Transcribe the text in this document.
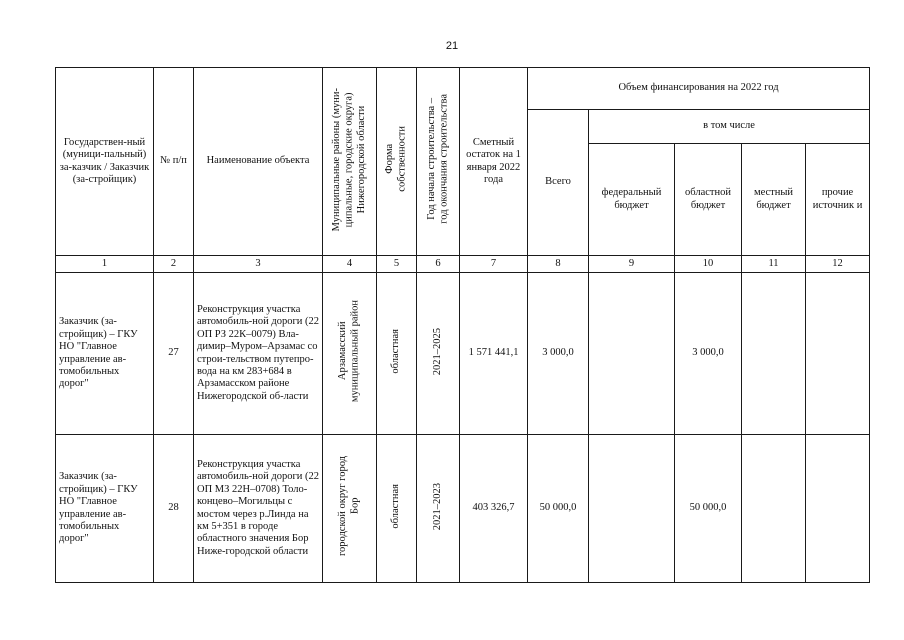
21
Государствен-ный (муници-пальный) за-казчик / Заказчик (за-стройщик)	№ п/п	Наименование объекта	Муниципальные районы (муни-
ципальные, городские округа)
Нижегородской области	Форма
собственности	Год начала строительства –
год окончания строительства	Сметный остаток на 1 января 2022 года	Объем финансирования на 2022 год				
							Всего	в том числе			
								федеральный бюджет	областной бюджет	местный бюджет	прочие источник и
1	2	3	4	5	6	7	8	9	10	11	12
Заказчик (за-стройщик) – ГКУ НО "Главное управление ав-томобильных дорог"	27	Реконструкция участка автомобиль-ной дороги (22 ОП РЗ 22К–0079) Вла-димир–Муром–Арзамас со строи-тельством путепро-вода на км 283+684 в Арзамасском районе Нижегородской об-ласти	Арзамасский
муниципальный район	областная	2021–2025	1 571 441,1	3 000,0		3 000,0		
Заказчик (за-стройщик) – ГКУ НО "Главное управление ав-томобильных дорог"	28	Реконструкция участка автомобиль-ной дороги (22 ОП МЗ 22Н–0708) Толо-концево–Могильцы с мостом через р.Линда на км 5+351 в городе областного значения Бор Ниже-городской области	городской округ город
Бор	областная	2021–2023	403 326,7	50 000,0		50 000,0		
